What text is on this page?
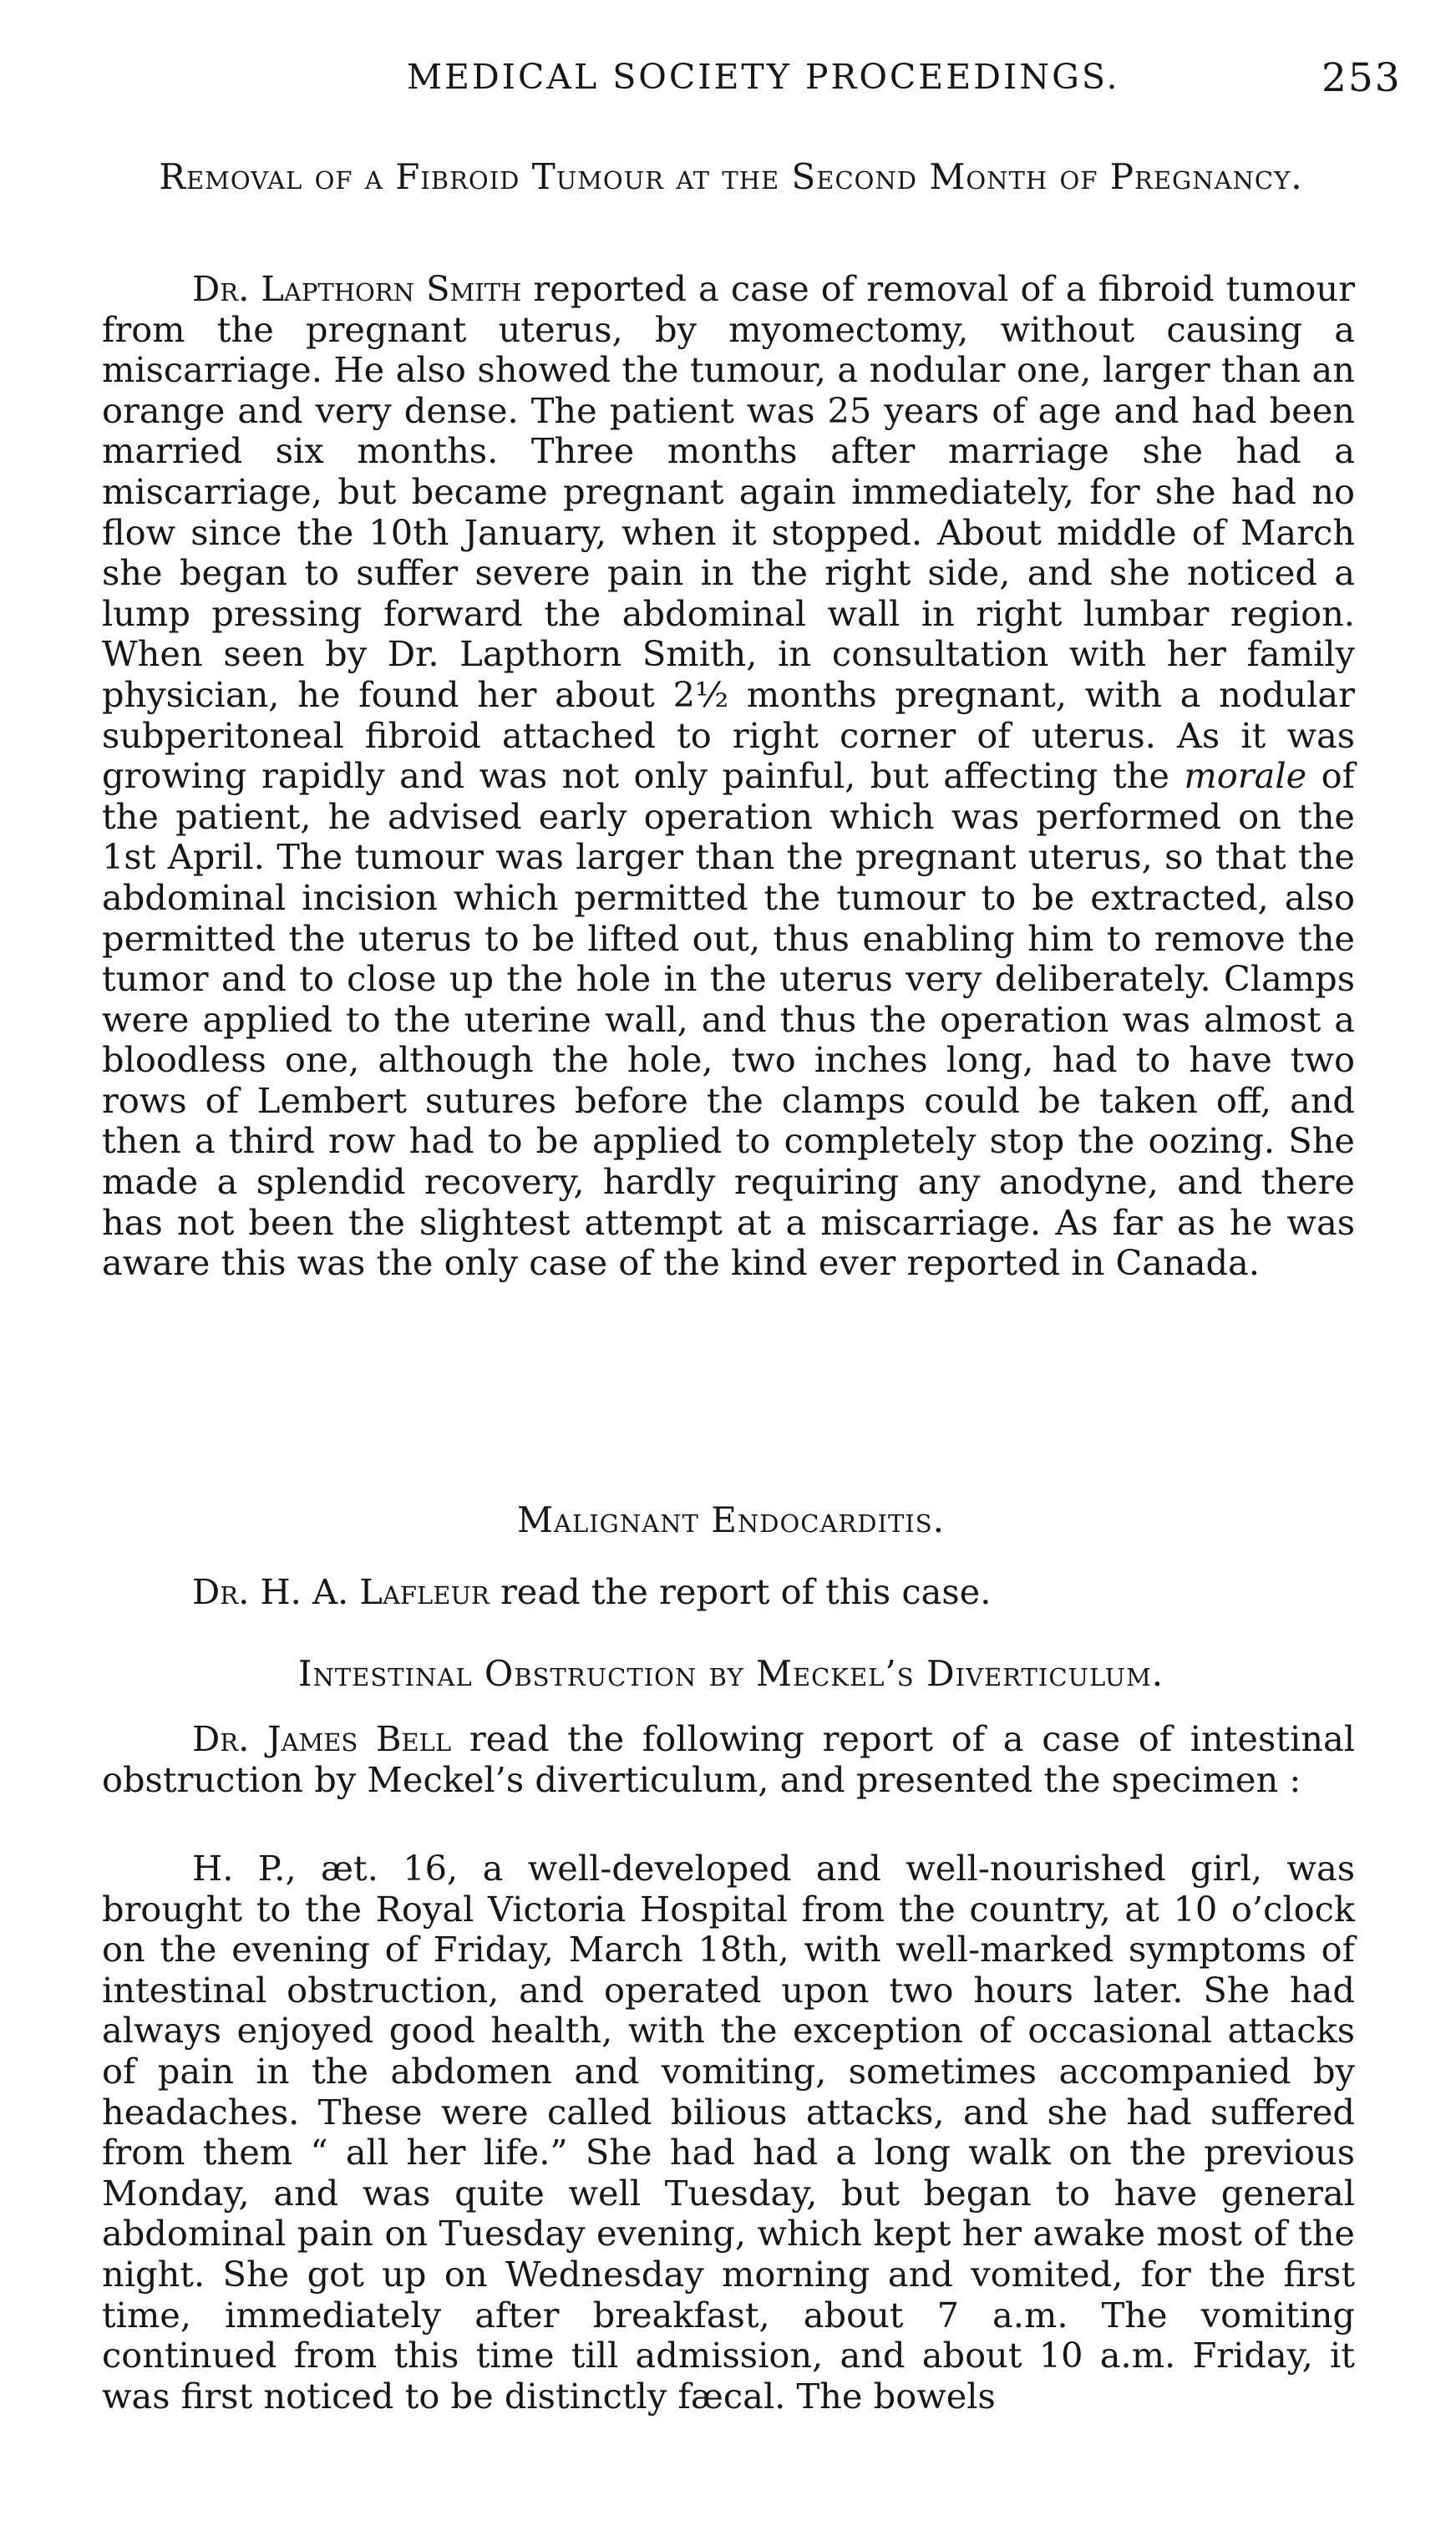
MEDICAL SOCIETY PROCEEDINGS.	253
Removal of a Fibroid Tumour at the Second Month of Pregnancy.

Dr. Lapthorn Smith reported a case of removal of a fibroid tumour from the pregnant uterus, by myomectomy, without causing a miscarriage. He also showed the tumour, a nodular one, larger than an orange and very dense. The patient was 25 years of age and had been married six months. Three months after marriage she had a miscarriage, but became pregnant again immediately, for she had no flow since the 10th January, when it stopped. About middle of March she began to suffer severe pain in the right side, and she noticed a lump pressing forward the abdominal wall in right lumbar region. When seen by Dr. Lapthorn Smith, in consultation with her family physician, he found her about 2½ months pregnant, with a nodular subperitoneal fibroid attached to right corner of uterus. As it was growing rapidly and was not only painful, but affecting the morale of the patient, he advised early operation which was performed on the 1st April. The tumour was larger than the pregnant uterus, so that the abdominal incision which permitted the tumour to be extracted, also permitted the uterus to be lifted out, thus enabling him to remove the tumor and to close up the hole in the uterus very deliberately. Clamps were applied to the uterine wall, and thus the operation was almost a bloodless one, although the hole, two inches long, had to have two rows of Lembert sutures before the clamps could be taken off, and then a third row had to be applied to completely stop the oozing. She made a splendid recovery, hardly requiring any anodyne, and there has not been the slightest attempt at a miscarriage. As far as he was aware this was the only case of the kind ever reported in Canada.

Malignant Endocarditis.

Dr. H. A. Lafleur read the report of this case.

Intestinal Obstruction by Meckel’s Diverticulum.

Dr. James Bell read the following report of a case of intestinal obstruction by Meckel’s diverticulum, and presented the specimen :

H. P., æt. 16, a well-developed and well-nourished girl, was brought to the Royal Victoria Hospital from the country, at 10 o’clock on the evening of Friday, March 18th, with well-marked symptoms of intestinal obstruction, and operated upon two hours later. She had always enjoyed good health, with the exception of occasional attacks of pain in the abdomen and vomiting, sometimes accompanied by headaches. These were called bilious attacks, and she had suffered from them “ all her life.” She had had a long walk on the previous Monday, and was quite well Tuesday, but began to have general abdominal pain on Tuesday evening, which kept her awake most of the night. She got up on Wednesday morning and vomited, for the first time, immediately after breakfast, about 7 a.m. The vomiting continued from this time till admission, and about 10 a.m. Friday, it was first noticed to be distinctly fæcal. The bowels
